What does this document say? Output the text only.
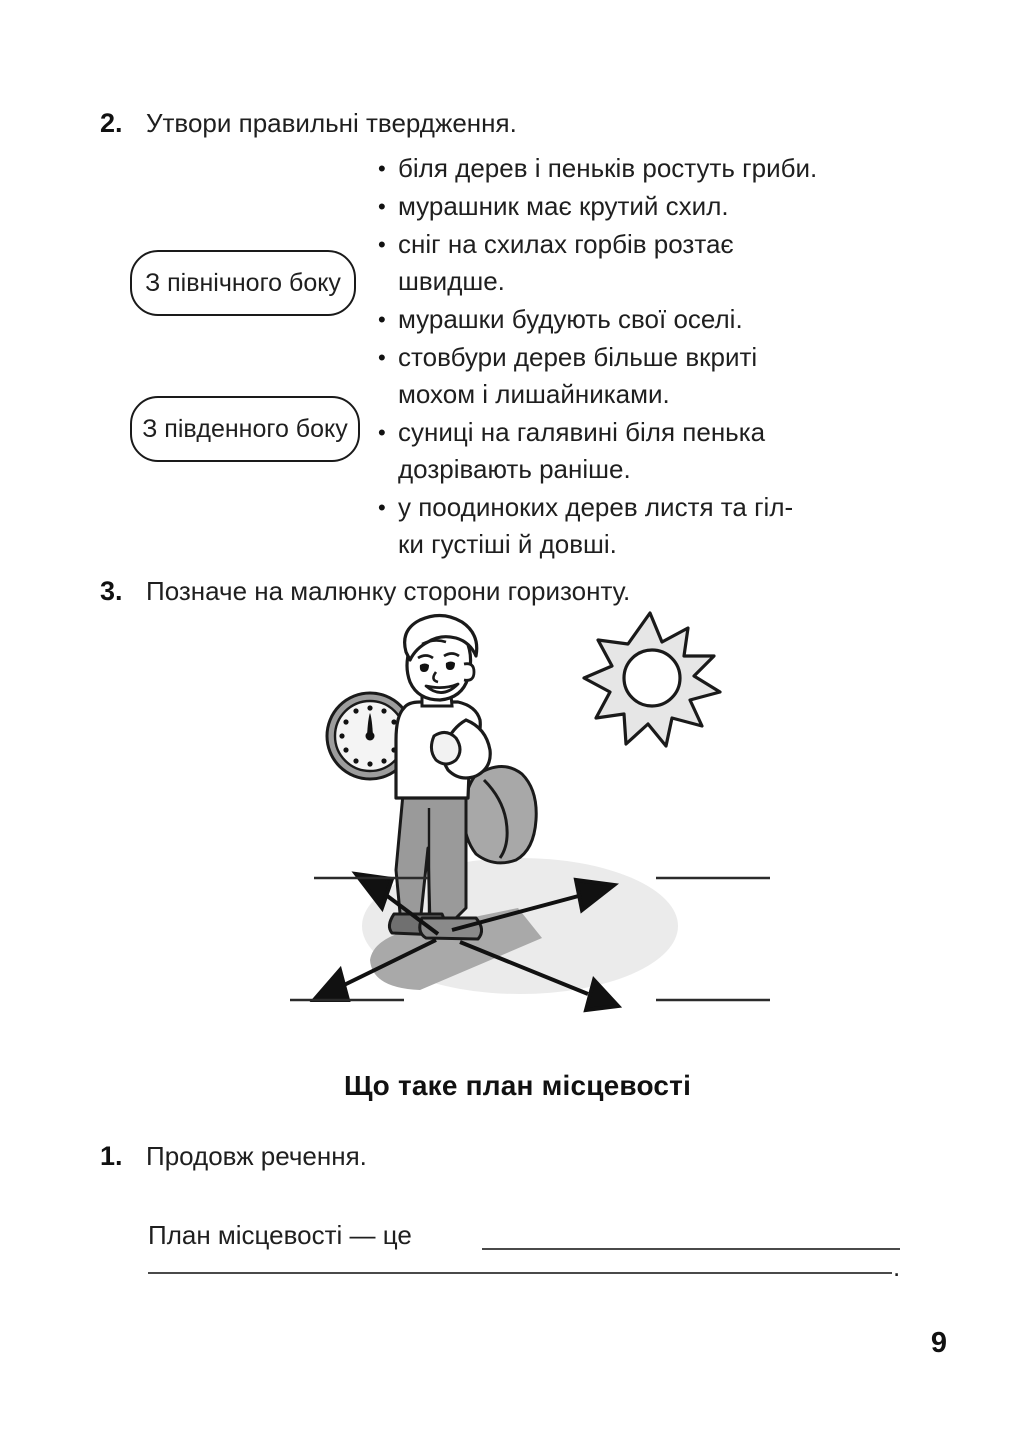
2. Утвори правильні твердження.
• біля дерев і пеньків ростуть гриби.
• мурашник має крутий схил.
• сніг на схилах горбів розтає
швидше.
• мурашки будують свої оселі.
• стовбури дерев більше вкриті
мохом і лишайниками.
• суниці на галявині біля пенька
дозрівають раніше.
• у поодиноких дерев листя та гіл-
ки густіші й довші.
З північного боку
З південного боку
3. Позначе на малюнку сторони горизонту.
Що таке план місцевості
1. Продовж речення.
План місцевості — це
.
9
